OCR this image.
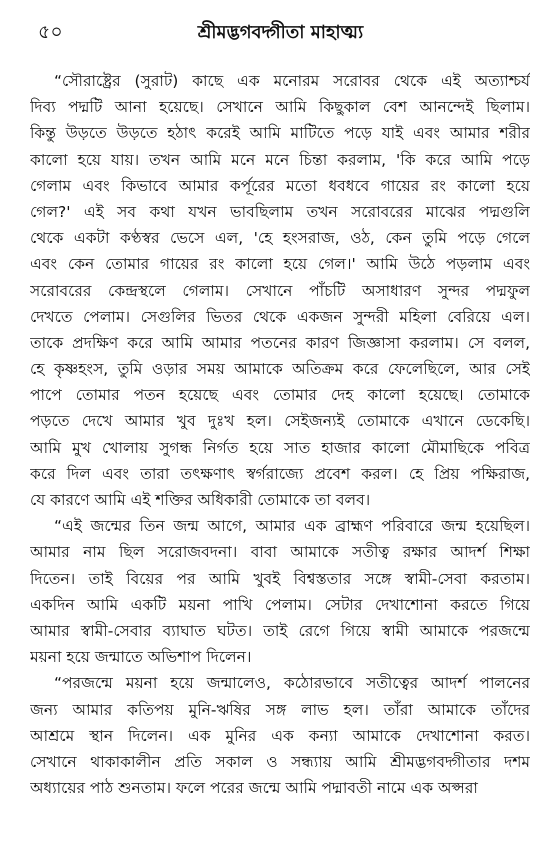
৫০	শ্রীমদ্ভগবদ্গীতা মাহাত্ম্য
“সৌরাষ্ট্রের (সুরাট) কাছে এক মনোরম সরোবর থেকে এই অত্যাশ্চর্য
দিব্য পদ্মটি আনা হয়েছে। সেখানে আমি কিছুকাল বেশ আনন্দেই ছিলাম।
কিন্তু উড়তে উড়তে হঠাৎ করেই আমি মাটিতে পড়ে যাই এবং আমার শরীর
কালো হয়ে যায়। তখন আমি মনে মনে চিন্তা করলাম, 'কি করে আমি পড়ে
গেলাম এবং কিভাবে আমার কর্পূরের মতো ধবধবে গায়ের রং কালো হয়ে
গেল?' এই সব কথা যখন ভাবছিলাম তখন সরোবরের মাঝের পদ্মগুলি
থেকে একটা কণ্ঠস্বর ভেসে এল, 'হে হংসরাজ, ওঠ, কেন তুমি পড়ে গেলে
এবং কেন তোমার গায়ের রং কালো হয়ে গেল।' আমি উঠে পড়লাম এবং
সরোবরের কেন্দ্রস্থলে গেলাম। সেখানে পাঁচটি অসাধারণ সুন্দর পদ্মফুল
দেখতে পেলাম। সেগুলির ভিতর থেকে একজন সুন্দরী মহিলা বেরিয়ে এল।
তাকে প্রদক্ষিণ করে আমি আমার পতনের কারণ জিজ্ঞাসা করলাম। সে বলল,
হে কৃষ্ণহংস, তুমি ওড়ার সময় আমাকে অতিক্রম করে ফেলেছিলে, আর সেই
পাপে তোমার পতন হয়েছে এবং তোমার দেহ কালো হয়েছে। তোমাকে
পড়তে দেখে আমার খুব দুঃখ হল। সেইজন্যই তোমাকে এখানে ডেকেছি।
আমি মুখ খোলায় সুগন্ধ নির্গত হয়ে সাত হাজার কালো মৌমাছিকে পবিত্র
করে দিল এবং তারা তৎক্ষণাৎ স্বর্গরাজ্যে প্রবেশ করল। হে প্রিয় পক্ষিরাজ,
যে কারণে আমি এই শক্তির অধিকারী তোমাকে তা বলব।
“এই জন্মের তিন জন্ম আগে, আমার এক ব্রাহ্মণ পরিবারে জন্ম হয়েছিল।
আমার নাম ছিল সরোজবদনা। বাবা আমাকে সতীত্ব রক্ষার আদর্শ শিক্ষা
দিতেন। তাই বিয়ের পর আমি খুবই বিশ্বস্ততার সঙ্গে স্বামী-সেবা করতাম।
একদিন আমি একটি ময়না পাখি পেলাম। সেটার দেখাশোনা করতে গিয়ে
আমার স্বামী-সেবার ব্যাঘাত ঘটত। তাই রেগে গিয়ে স্বামী আমাকে পরজন্মে
ময়না হয়ে জন্মাতে অভিশাপ দিলেন।
“পরজন্মে ময়না হয়ে জন্মালেও, কঠোরভাবে সতীত্বের আদর্শ পালনের
জন্য আমার কতিপয় মুনি-ঋষির সঙ্গ লাভ হল। তাঁরা আমাকে তাঁদের
আশ্রমে স্থান দিলেন। এক মুনির এক কন্যা আমাকে দেখাশোনা করত।
সেখানে থাকাকালীন প্রতি সকাল ও সন্ধ্যায় আমি শ্রীমদ্ভগবদ্গীতার দশম
অধ্যায়ের পাঠ শুনতাম। ফলে পরের জন্মে আমি পদ্মাবতী নামে এক অপ্সরা
